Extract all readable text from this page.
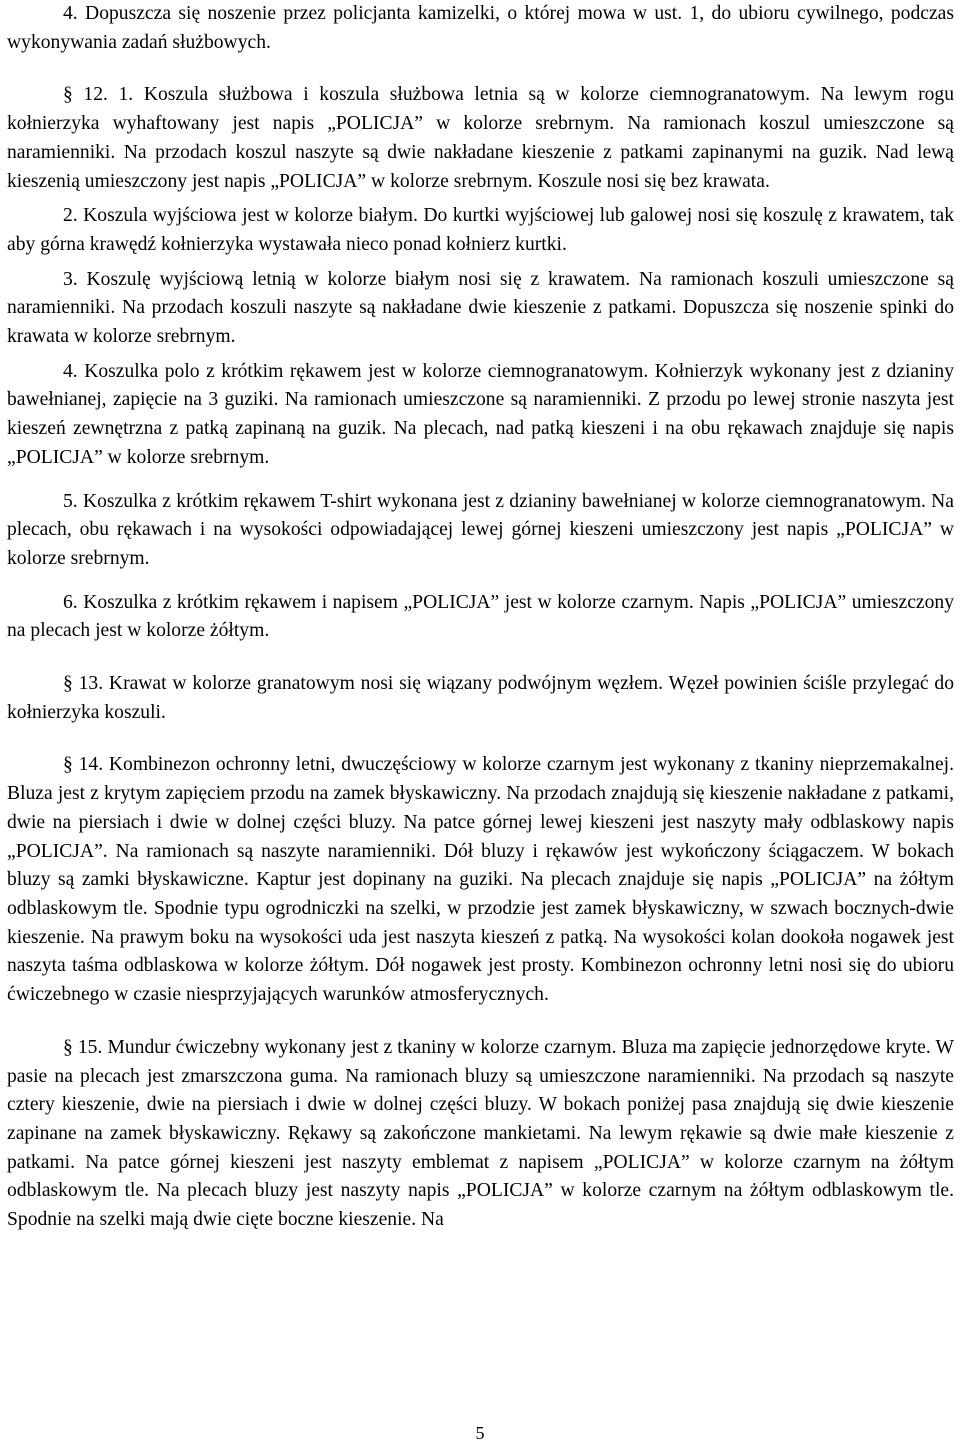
4. Dopuszcza się noszenie przez policjanta kamizelki, o której mowa w ust. 1, do ubioru cywilnego, podczas wykonywania zadań służbowych.

§ 12. 1. Koszula służbowa i koszula służbowa letnia są w kolorze ciemnogranatowym. Na lewym rogu kołnierzyka wyhaftowany jest napis „POLICJA” w kolorze srebrnym. Na ramionach koszul umieszczone są naramienniki. Na przodach koszul naszyte są dwie nakładane kieszenie z patkami zapinanymi na guzik. Nad lewą kieszenią umieszczony jest napis „POLICJA” w kolorze srebrnym. Koszule nosi się bez krawata.

2. Koszula wyjściowa jest w kolorze białym. Do kurtki wyjściowej lub galowej nosi się koszulę z krawatem, tak aby górna krawędź kołnierzyka wystawała nieco ponad kołnierz kurtki.

3. Koszulę wyjściową letnią w kolorze białym nosi się z krawatem. Na ramionach koszuli umieszczone są naramienniki. Na przodach koszuli naszyte są nakładane dwie kieszenie z patkami. Dopuszcza się noszenie spinki do krawata w kolorze srebrnym.

4. Koszulka polo z krótkim rękawem jest w kolorze ciemnogranatowym. Kołnierzyk wykonany jest z dzianiny bawełnianej, zapięcie na 3 guziki. Na ramionach umieszczone są naramienniki. Z przodu po lewej stronie naszyta jest kieszeń zewnętrzna z patką zapinaną na guzik. Na plecach, nad patką kieszeni i na obu rękawach znajduje się napis „POLICJA” w kolorze srebrnym.

5. Koszulka z krótkim rękawem T-shirt wykonana jest z dzianiny bawełnianej w kolorze ciemnogranatowym. Na plecach, obu rękawach i na wysokości odpowiadającej lewej górnej kieszeni umieszczony jest napis „POLICJA” w kolorze srebrnym.

6. Koszulka z krótkim rękawem i napisem „POLICJA” jest w kolorze czarnym. Napis „POLICJA” umieszczony na plecach jest w kolorze żółtym.

§ 13. Krawat w kolorze granatowym nosi się wiązany podwójnym węzłem. Węzeł powinien ściśle przylegać do kołnierzyka koszuli.

§ 14. Kombinezon ochronny letni, dwuczęściowy w kolorze czarnym jest wykonany z tkaniny nieprzemakalnej. Bluza jest z krytym zapięciem przodu na zamek błyskawiczny. Na przodach znajdują się kieszenie nakładane z patkami, dwie na piersiach i dwie w dolnej części bluzy. Na patce górnej lewej kieszeni jest naszyty mały odblaskowy napis „POLICJA”. Na ramionach są naszyte naramienniki. Dół bluzy i rękawów jest wykończony ściągaczem. W bokach bluzy są zamki błyskawiczne. Kaptur jest dopinany na guziki. Na plecach znajduje się napis „POLICJA” na żółtym odblaskowym tle. Spodnie typu ogrodniczki na szelki, w przodzie jest zamek błyskawiczny, w szwach bocznych-dwie kieszenie. Na prawym boku na wysokości uda jest naszyta kieszeń z patką. Na wysokości kolan dookoła nogawek jest naszyta taśma odblaskowa w kolorze żółtym. Dół nogawek jest prosty. Kombinezon ochronny letni nosi się do ubioru ćwiczebnego w czasie niesprzyjających warunków atmosferycznych.

§ 15. Mundur ćwiczebny wykonany jest z tkaniny w kolorze czarnym. Bluza ma zapięcie jednorzędowe kryte. W pasie na plecach jest zmarszczona guma. Na ramionach bluzy są umieszczone naramienniki. Na przodach są naszyte cztery kieszenie, dwie na piersiach i dwie w dolnej części bluzy. W bokach poniżej pasa znajdują się dwie kieszenie zapinane na zamek błyskawiczny. Rękawy są zakończone mankietami. Na lewym rękawie są dwie małe kieszenie z patkami. Na patce górnej kieszeni jest naszyty emblemat z napisem „POLICJA” w kolorze czarnym na żółtym odblaskowym tle. Na plecach bluzy jest naszyty napis „POLICJA” w kolorze czarnym na żółtym odblaskowym tle. Spodnie na szelki mają dwie cięte boczne kieszenie. Na

5
